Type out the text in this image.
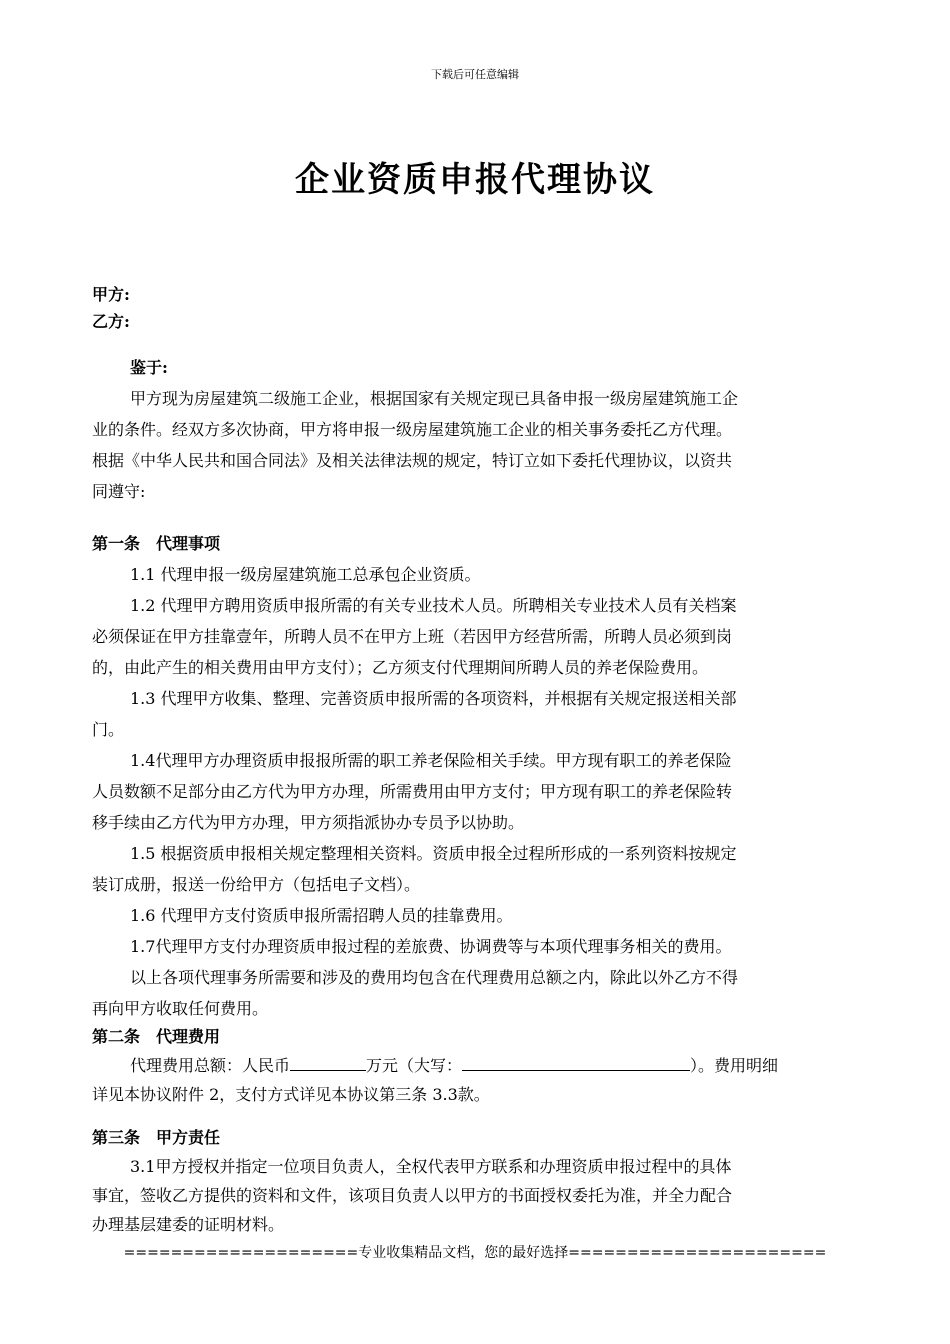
下载后可任意编辑
企业资质申报代理协议
甲方:
乙方:
鉴于:
甲方现为房屋建筑二级施工企业，根据国家有关规定现已具备申报一级房屋建筑施工企
业的条件。经双方多次协商，甲方将申报一级房屋建筑施工企业的相关事务委托乙方代理。
根据《中华人民共和国合同法》及相关法律法规的规定，特订立如下委托代理协议，以资共
同遵守:
第一条　代理事项
1.1 代理申报一级房屋建筑施工总承包企业资质。
1.2 代理甲方聘用资质申报所需的有关专业技术人员。所聘相关专业技术人员有关档案
必须保证在甲方挂靠壹年，所聘人员不在甲方上班（若因甲方经营所需，所聘人员必须到岗
的，由此产生的相关费用由甲方支付）；乙方须支付代理期间所聘人员的养老保险费用。
1.3 代理甲方收集、整理、完善资质申报所需的各项资料，并根据有关规定报送相关部
门。
1.4代理甲方办理资质申报报所需的职工养老保险相关手续。甲方现有职工的养老保险
人员数额不足部分由乙方代为甲方办理，所需费用由甲方支付；甲方现有职工的养老保险转
移手续由乙方代为甲方办理，甲方须指派协办专员予以协助。
1.5 根据资质申报相关规定整理相关资料。资质申报全过程所形成的一系列资料按规定
装订成册，报送一份给甲方（包括电子文档）。
1.6 代理甲方支付资质申报所需招聘人员的挂靠费用。
1.7代理甲方支付办理资质申报过程的差旅费、协调费等与本项代理事务相关的费用。
以上各项代理事务所需要和涉及的费用均包含在代理费用总额之内，除此以外乙方不得
再向甲方收取任何费用。
第二条　代理费用
代理费用总额：人民币	万元（大写：	）。费用明细
详见本协议附件 2，支付方式详见本协议第三条 3.3款。
第三条　甲方责任
3.1甲方授权并指定一位项目负责人，全权代表甲方联系和办理资质申报过程中的具体
事宜，签收乙方提供的资料和文件，该项目负责人以甲方的书面授权委托为准，并全力配合
办理基层建委的证明材料。
====================专业收集精品文档，您的最好选择======================
